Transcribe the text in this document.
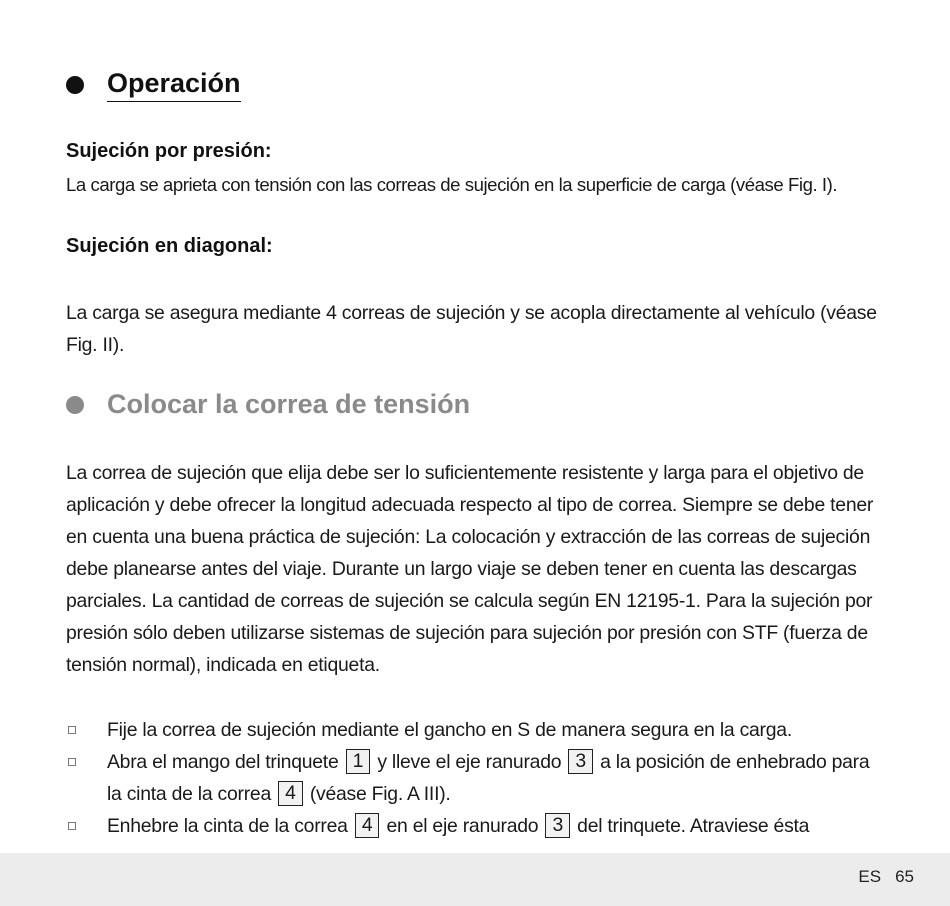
Operación
Sujeción por presión:

La carga se aprieta con tensión con las correas de sujeción en la superficie de carga (véase Fig. I).

Sujeción en diagonal:

La carga se asegura mediante 4 correas de sujeción y se acopla directamente al vehículo (véase Fig. II).

Colocar la correa de tensión

La correa de sujeción que elija debe ser lo suficientemente resistente y larga para el objetivo de aplicación y debe ofrecer la longitud adecuada respecto al tipo de correa. Siempre se debe tener en cuenta una buena práctica de sujeción: La colocación y extracción de las correas de sujeción debe planearse antes del viaje. Durante un largo viaje se deben tener en cuenta las descargas parciales. La cantidad de correas de sujeción se calcula según EN 12195-1. Para la sujeción por presión sólo deben utilizarse sistemas de sujeción para sujeción por presión con STF (fuerza de tensión normal), indicada en etiqueta.

Fije la correa de sujeción mediante el gancho en S de manera segura en la carga.
Abra el mango del trinquete 1 y lleve el eje ranurado 3 a la posición de enhebrado para la cinta de la correa 4 (véase Fig. A III).
Enhebre la cinta de la correa 4 en el eje ranurado 3 del trinquete. Atraviese ésta
ES 65
